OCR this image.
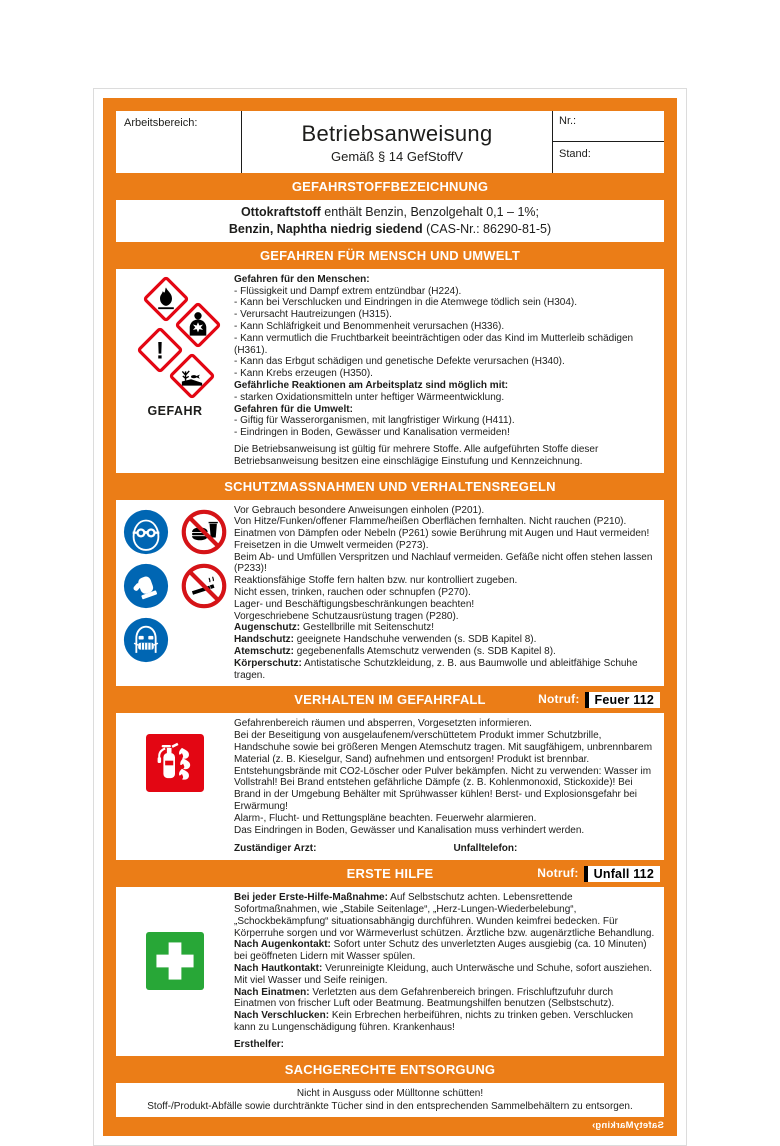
Arbeitsbereich:	Betriebsanweisung
Gemäß § 14 GefStoffV
Nr.:
Stand:
GEFAHRSTOFFBEZEICHNUNG
Ottokraftstoff enthält Benzin, Benzolgehalt 0,1 – 1%;
Benzin, Naphtha niedrig siedend (CAS-Nr.: 86290-81-5)
GEFAHREN FÜR MENSCH UND UMWELT
!
GEFAHR
Gefahren für den Menschen:
- Flüssigkeit und Dampf extrem entzündbar (H224).
- Kann bei Verschlucken und Eindringen in die Atemwege tödlich sein (H304).
- Verursacht Hautreizungen (H315).
- Kann Schläfrigkeit und Benommenheit verursachen (H336).
- Kann vermutlich die Fruchtbarkeit beeinträchtigen oder das Kind im Mutterleib schädigen (H361).
- Kann das Erbgut schädigen und genetische Defekte verursachen (H340).
- Kann Krebs erzeugen (H350).
Gefährliche Reaktionen am Arbeitsplatz sind möglich mit:
- starken Oxidationsmitteln unter heftiger Wärmeentwicklung.
Gefahren für die Umwelt:
- Giftig für Wasserorganismen, mit langfristiger Wirkung (H411).
- Eindringen in Boden, Gewässer und Kanalisation vermeiden!
Die Betriebsanweisung ist gültig für mehrere Stoffe. Alle aufgeführten Stoffe dieser Betriebsanweisung besitzen eine einschlägige Einstufung und Kennzeichnung.
SCHUTZMASSNAHMEN UND VERHALTENSREGELN
Vor Gebrauch besondere Anweisungen einholen (P201).
Von Hitze/Funken/offener Flamme/heißen Oberflächen fernhalten. Nicht rauchen (P210).
Einatmen von Dämpfen oder Nebeln (P261) sowie Berührung mit Augen und Haut vermeiden!
Freisetzen in die Umwelt vermeiden (P273).
Beim Ab- und Umfüllen Verspritzen und Nachlauf vermeiden. Gefäße nicht offen stehen lassen (P233)!
Reaktionsfähige Stoffe fern halten bzw. nur kontrolliert zugeben.
Nicht essen, trinken, rauchen oder schnupfen (P270).
Lager- und Beschäftigungsbeschränkungen beachten!
Vorgeschriebene Schutzausrüstung tragen (P280).
Augenschutz: Gestellbrille mit Seitenschutz!
Handschutz: geeignete Handschuhe verwenden (s. SDB Kapitel 8).
Atemschutz: gegebenenfalls Atemschutz verwenden (s. SDB Kapitel 8).
Körperschutz: Antistatische Schutzkleidung, z. B. aus Baumwolle und ableitfähige Schuhe tragen.
VERHALTEN IM GEFAHRFALL	Notruf:	Feuer 112
Gefahrenbereich räumen und absperren, Vorgesetzten informieren.
Bei der Beseitigung von ausgelaufenem/verschüttetem Produkt immer Schutzbrille, Handschuhe sowie bei größeren Mengen Atemschutz tragen. Mit saugfähigem, unbrennbarem Material (z. B. Kieselgur, Sand) aufnehmen und entsorgen! Produkt ist brennbar.
Entstehungsbrände mit CO2-Löscher oder Pulver bekämpfen. Nicht zu verwenden: Wasser im Vollstrahl! Bei Brand entstehen gefährliche Dämpfe (z. B. Kohlenmonoxid, Stickoxide)! Bei Brand in der Umgebung Behälter mit Sprühwasser kühlen! Berst- und Explosionsgefahr bei Erwärmung!
Alarm-, Flucht- und Rettungspläne beachten. Feuerwehr alarmieren.
Das Eindringen in Boden, Gewässer und Kanalisation muss verhindert werden.
Zuständiger Arzt:	Unfalltelefon:
ERSTE HILFE	Notruf:	Unfall 112
Bei jeder Erste-Hilfe-Maßnahme: Auf Selbstschutz achten. Lebensrettende Sofortmaßnahmen, wie „Stabile Seitenlage“, „Herz-Lungen-Wiederbelebung“, „Schockbekämpfung“ situationsabhängig durchführen. Wunden keimfrei bedecken. Für Körperruhe sorgen und vor Wärmeverlust schützen. Ärztliche bzw. augenärztliche Behandlung.
Nach Augenkontakt: Sofort unter Schutz des unverletzten Auges ausgiebig (ca. 10 Minuten) bei geöffneten Lidern mit Wasser spülen.
Nach Hautkontakt: Verunreinigte Kleidung, auch Unterwäsche und Schuhe, sofort ausziehen. Mit viel Wasser und Seife reinigen.
Nach Einatmen: Verletzten aus dem Gefahrenbereich bringen. Frischluftzufuhr durch Einatmen von frischer Luft oder Beatmung. Beatmungshilfen benutzen (Selbstschutz).
Nach Verschlucken: Kein Erbrechen herbeiführen, nichts zu trinken geben. Verschlucken kann zu Lungenschädigung führen. Krankenhaus!
Ersthelfer:
SACHGERECHTE ENTSORGUNG
Nicht in Ausguss oder Mülltonne schütten!
Stoff-/Produkt-Abfälle sowie durchtränkte Tücher sind in den entsprechenden Sammelbehältern zu entsorgen.
› SafetyMarking
